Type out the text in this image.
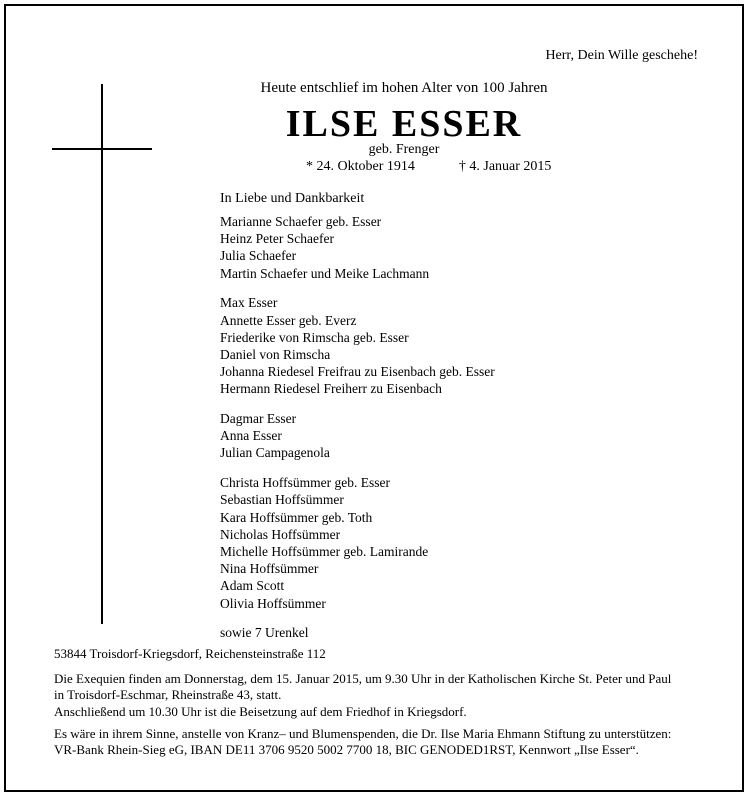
Herr, Dein Wille geschehe!
Heute entschlief im hohen Alter von 100 Jahren
ILSE ESSER
geb. Frenger
* 24. Oktober 1914	† 4. Januar 2015
In Liebe und Dankbarkeit
Marianne Schaefer geb. Esser
Heinz Peter Schaefer
Julia Schaefer
Martin Schaefer und Meike Lachmann
Max Esser
Annette Esser geb. Everz
Friederike von Rimscha geb. Esser
Daniel von Rimscha
Johanna Riedesel Freifrau zu Eisenbach geb. Esser
Hermann Riedesel Freiherr zu Eisenbach
Dagmar Esser
Anna Esser
Julian Campagenola
Christa Hoffsümmer geb. Esser
Sebastian Hoffsümmer
Kara Hoffsümmer geb. Toth
Nicholas Hoffsümmer
Michelle Hoffsümmer geb. Lamirande
Nina Hoffsümmer
Adam Scott
Olivia Hoffsümmer
sowie 7 Urenkel
53844 Troisdorf-Kriegsdorf, Reichensteinstraße 112
Die Exequien finden am Donnerstag, dem 15. Januar 2015, um 9.30 Uhr in der Katholischen Kirche St. Peter und Paul
in Troisdorf-Eschmar, Rheinstraße 43, statt.
Anschließend um 10.30 Uhr ist die Beisetzung auf dem Friedhof in Kriegsdorf.
Es wäre in ihrem Sinne, anstelle von Kranz– und Blumenspenden, die Dr. Ilse Maria Ehmann Stiftung zu unterstützen:
VR-Bank Rhein-Sieg eG, IBAN DE11 3706 9520 5002 7700 18, BIC GENODED1RST, Kennwort „Ilse Esser“.
